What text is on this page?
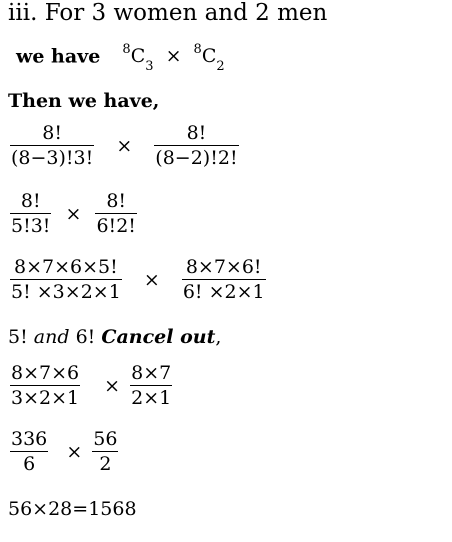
iii. For 3 women and 2 men
we have $^8C_3 \times ^8C_2$
Then we have,
$\frac{8!}{(8-3)!3!} \times \frac{8!}{(8-2)!2!}$
$\frac{8!}{5!3!} \times \frac{8!}{6!2!}$
$\frac{8\times 7\times 6\times 5!}{5! \times 3\times 2\times 1} \times \frac{8\times 7\times 6!}{6! \times 2\times 1}$
5! and 6! Cancel out,
$\frac{8\times 7\times 6}{3\times 2\times 1} \times \frac{8\times 7}{2\times 1}$
$\frac{336}{6} \times \frac{56}{2}$
56×28=1568
